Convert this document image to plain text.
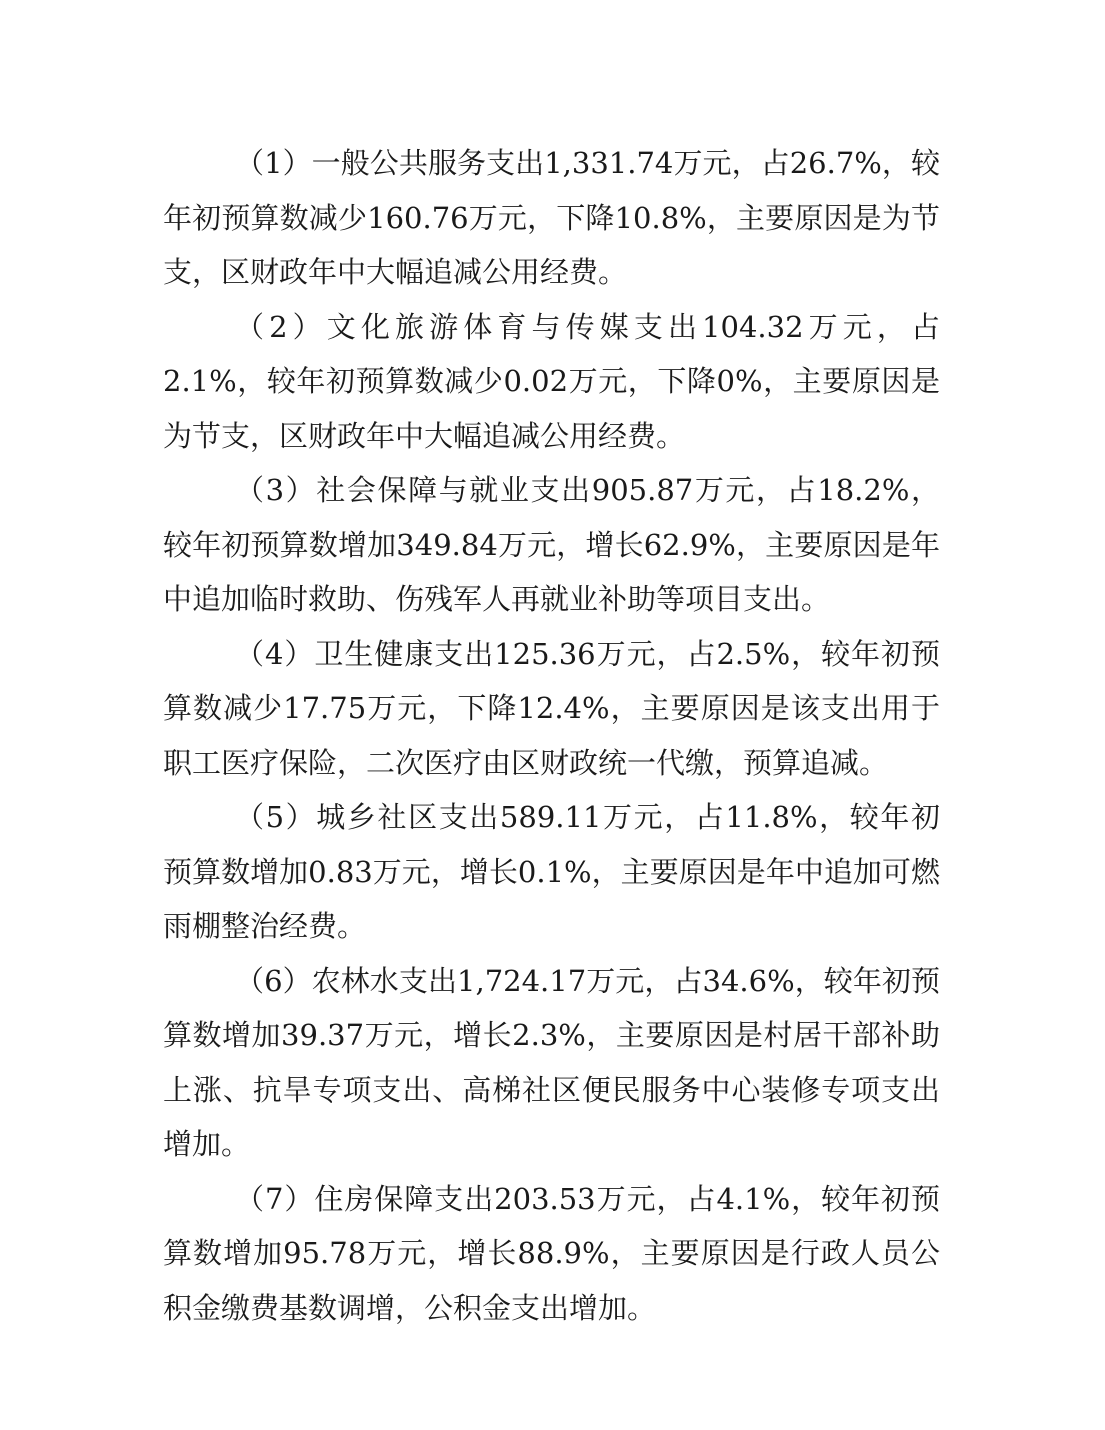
（1）一般公共服务支出1,331.74万元，占26.7%，较年初预算数减少160.76万元，下降10.8%，主要原因是为节支，区财政年中大幅追减公用经费。

（2）文化旅游体育与传媒支出104.32万元，占2.1%，较年初预算数减少0.02万元，下降0%，主要原因是为节支，区财政年中大幅追减公用经费。

（3）社会保障与就业支出905.87万元，占18.2%，较年初预算数增加349.84万元，增长62.9%，主要原因是年中追加临时救助、伤残军人再就业补助等项目支出。

（4）卫生健康支出125.36万元，占2.5%，较年初预算数减少17.75万元，下降12.4%，主要原因是该支出用于职工医疗保险，二次医疗由区财政统一代缴，预算追减。

（5）城乡社区支出589.11万元，占11.8%，较年初预算数增加0.83万元，增长0.1%，主要原因是年中追加可燃雨棚整治经费。

（6）农林水支出1,724.17万元，占34.6%，较年初预算数增加39.37万元，增长2.3%，主要原因是村居干部补助上涨、抗旱专项支出、高梯社区便民服务中心装修专项支出增加。

（7）住房保障支出203.53万元，占4.1%，较年初预算数增加95.78万元，增长88.9%，主要原因是行政人员公积金缴费基数调增，公积金支出增加。
